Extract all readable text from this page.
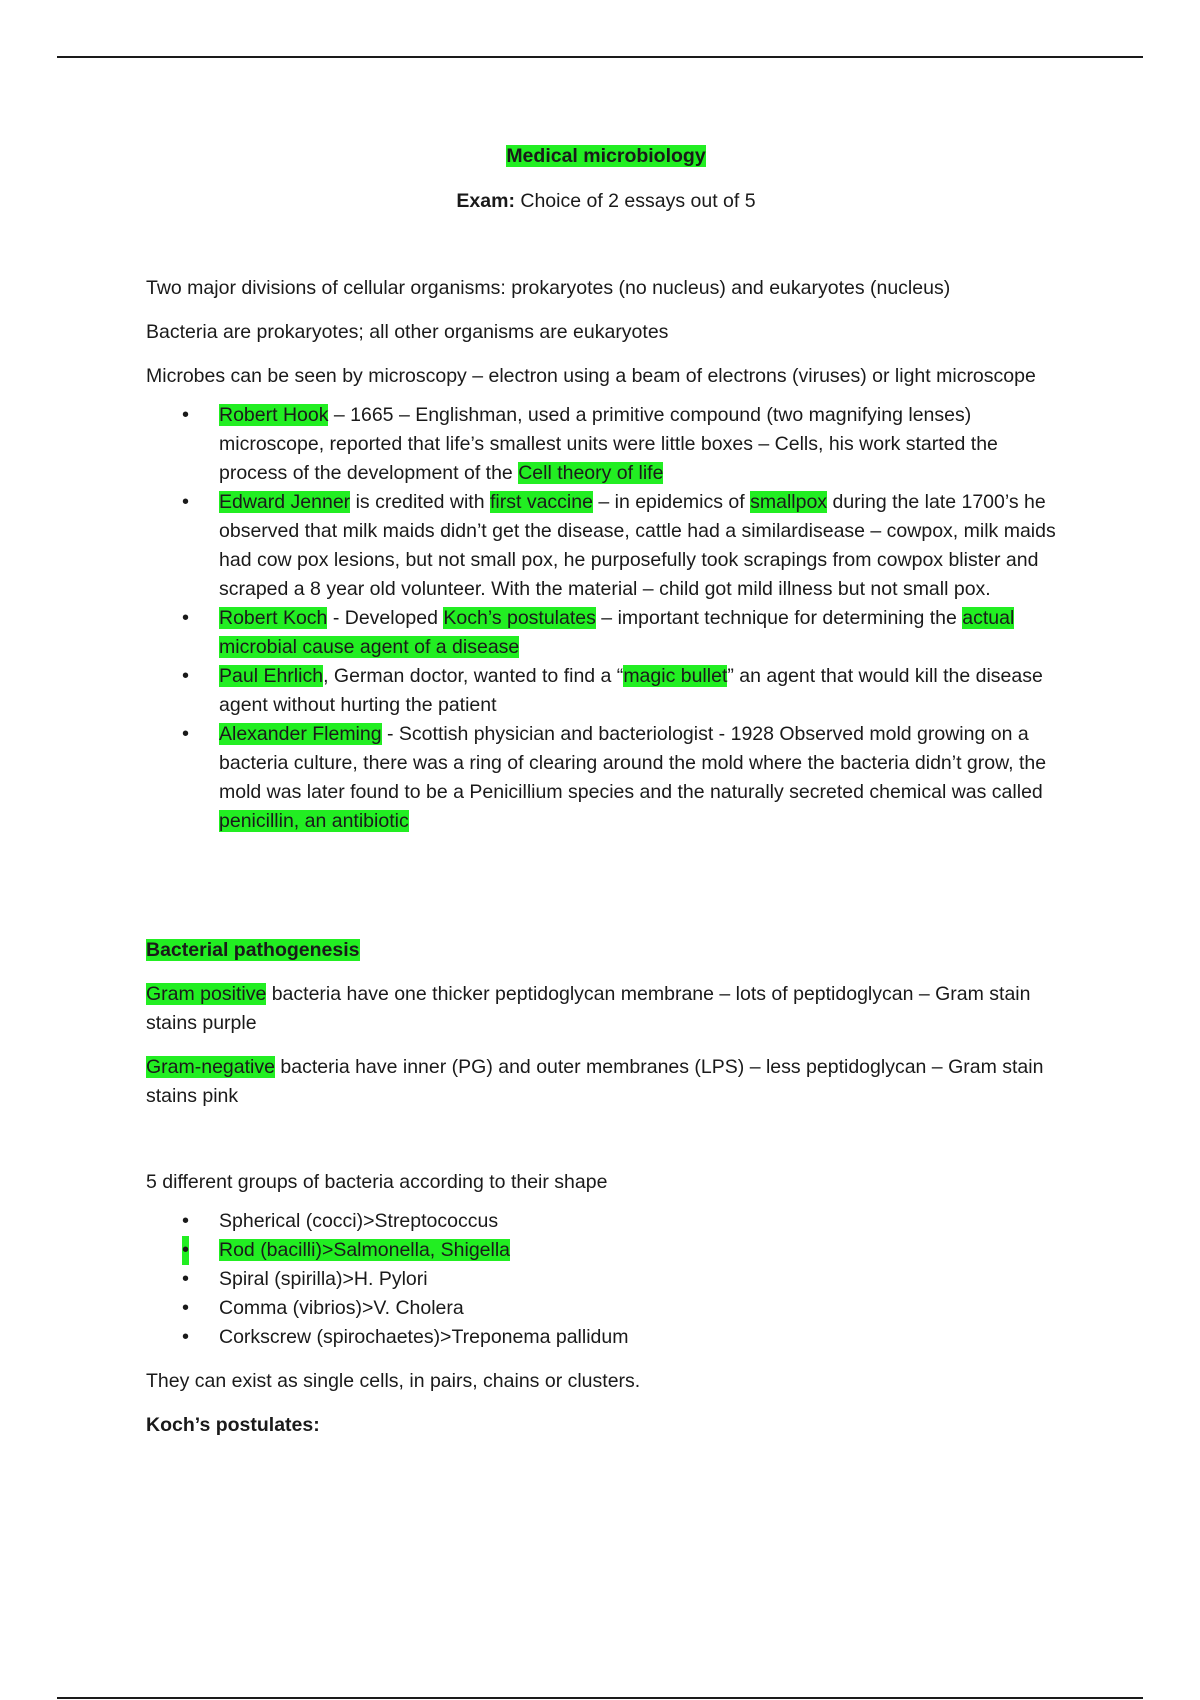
Medical microbiology

Exam: Choice of 2 essays out of 5

Two major divisions of cellular organisms: prokaryotes (no nucleus) and eukaryotes (nucleus)

Bacteria are prokaryotes; all other organisms are eukaryotes

Microbes can be seen by microscopy – electron using a beam of electrons (viruses) or light microscope

• Robert Hook – 1665 – Englishman, used a primitive compound (two magnifying lenses) microscope, reported that life’s smallest units were little boxes – Cells, his work started the process of the development of the Cell theory of life
• Edward Jenner is credited with first vaccine – in epidemics of smallpox during the late 1700’s he observed that milk maids didn’t get the disease, cattle had a similardisease – cowpox, milk maids had cow pox lesions, but not small pox, he purposefully took scrapings from cowpox blister and scraped a 8 year old volunteer. With the material – child got mild illness but not small pox.
• Robert Koch - Developed Koch’s postulates – important technique for determining the actual microbial cause agent of a disease
• Paul Ehrlich, German doctor, wanted to find a “magic bullet” an agent that would kill the disease agent without hurting the patient
• Alexander Fleming - Scottish physician and bacteriologist - 1928 Observed mold growing on a bacteria culture, there was a ring of clearing around the mold where the bacteria didn’t grow, the mold was later found to be a Penicillium species and the naturally secreted chemical was called penicillin, an antibiotic

Bacterial pathogenesis

Gram positive bacteria have one thicker peptidoglycan membrane – lots of peptidoglycan – Gram stain stains purple

Gram-negative bacteria have inner (PG) and outer membranes (LPS) – less peptidoglycan – Gram stain stains pink

5 different groups of bacteria according to their shape

• Spherical (cocci)>Streptococcus
• Rod (bacilli)>Salmonella, Shigella
• Spiral (spirilla)>H. Pylori
• Comma (vibrios)>V. Cholera
• Corkscrew (spirochaetes)>Treponema pallidum

They can exist as single cells, in pairs, chains or clusters.

Koch’s postulates:
